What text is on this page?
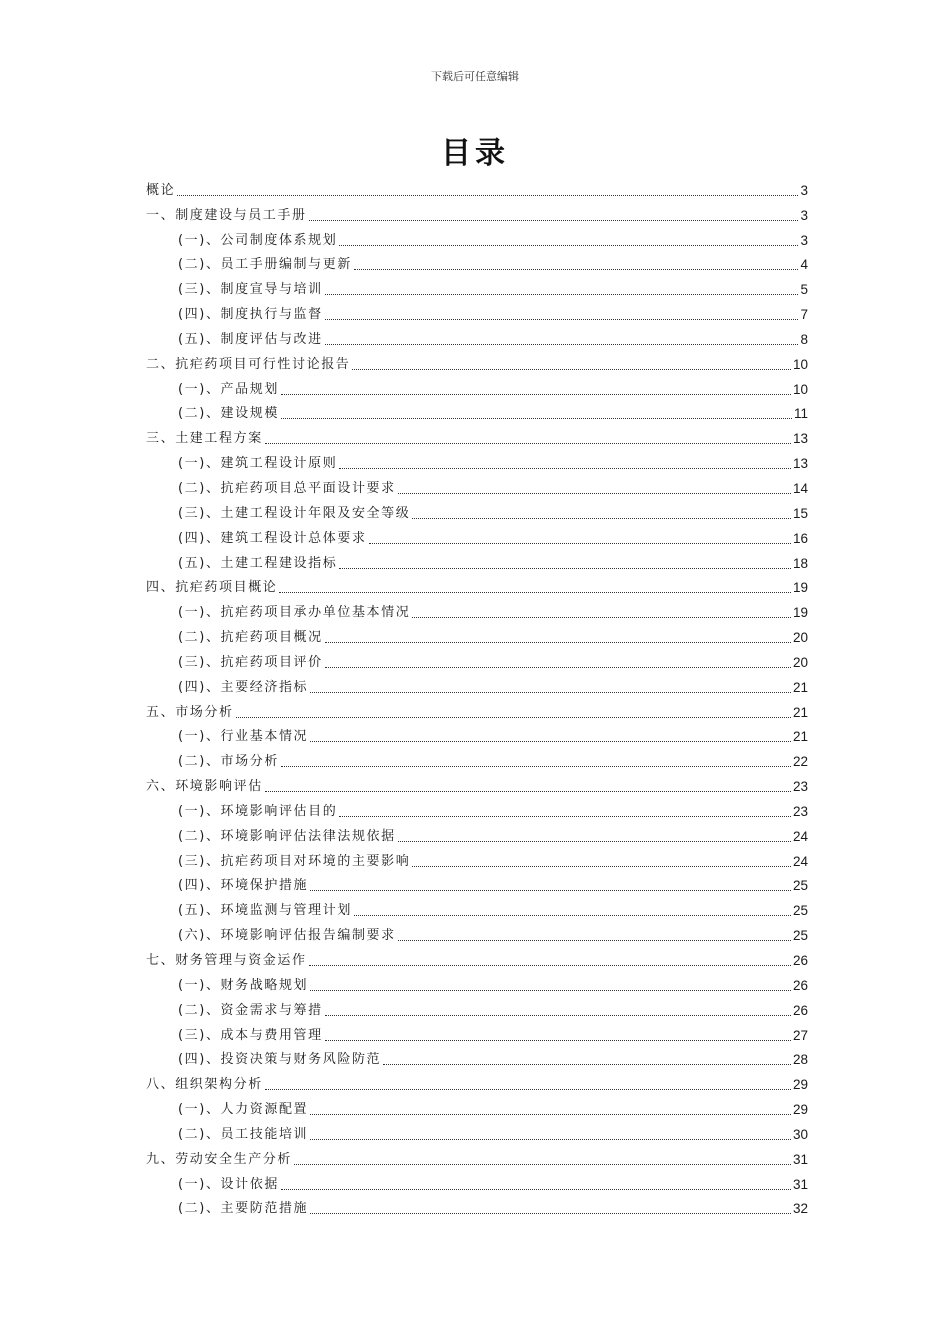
下载后可任意编辑
目录
概论	3
一、制度建设与员工手册	3
(一)、公司制度体系规划	3
(二)、员工手册编制与更新	4
(三)、制度宣导与培训	5
(四)、制度执行与监督	7
(五)、制度评估与改进	8
二、抗疟药项目可行性讨论报告	10
(一)、产品规划	10
(二)、建设规模	11
三、土建工程方案	13
(一)、建筑工程设计原则	13
(二)、抗疟药项目总平面设计要求	14
(三)、土建工程设计年限及安全等级	15
(四)、建筑工程设计总体要求	16
(五)、土建工程建设指标	18
四、抗疟药项目概论	19
(一)、抗疟药项目承办单位基本情况	19
(二)、抗疟药项目概况	20
(三)、抗疟药项目评价	20
(四)、主要经济指标	21
五、市场分析	21
(一)、行业基本情况	21
(二)、市场分析	22
六、环境影响评估	23
(一)、环境影响评估目的	23
(二)、环境影响评估法律法规依据	24
(三)、抗疟药项目对环境的主要影响	24
(四)、环境保护措施	25
(五)、环境监测与管理计划	25
(六)、环境影响评估报告编制要求	25
七、财务管理与资金运作	26
(一)、财务战略规划	26
(二)、资金需求与筹措	26
(三)、成本与费用管理	27
(四)、投资决策与财务风险防范	28
八、组织架构分析	29
(一)、人力资源配置	29
(二)、员工技能培训	30
九、劳动安全生产分析	31
(一)、设计依据	31
(二)、主要防范措施	32
